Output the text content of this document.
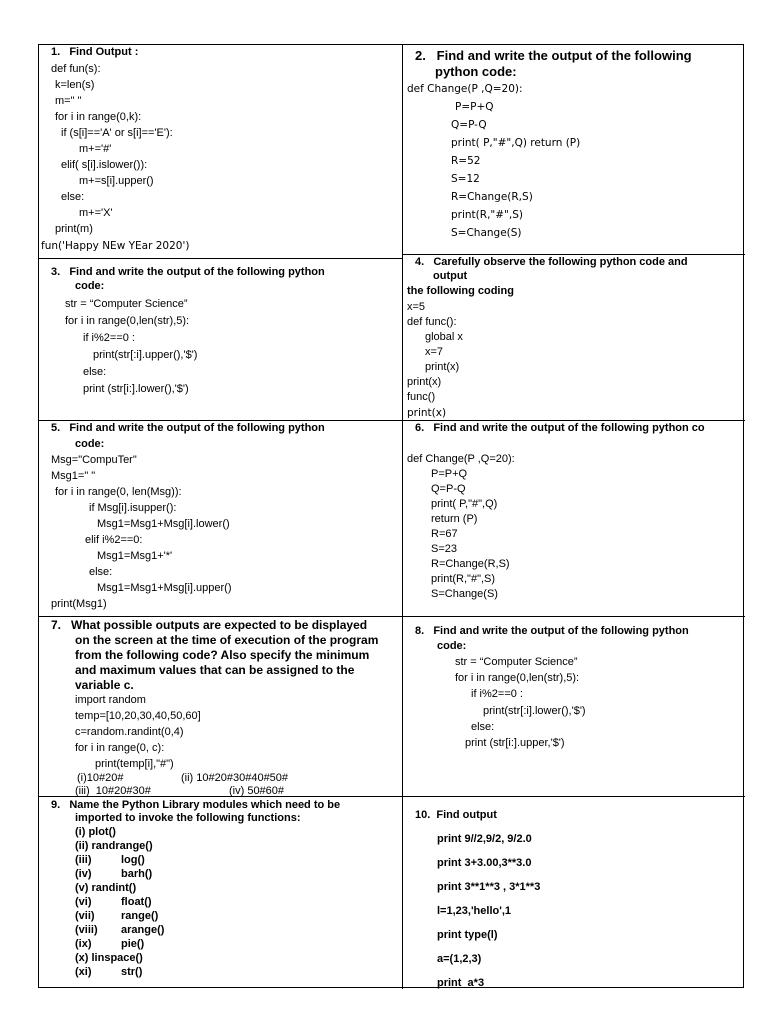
1.   Find Output :
def fun(s):
k=len(s)
m=" "
for i in range(0,k):
if (s[i]=='A' or s[i]=='E'):
m+='#'
elif( s[i].islower()):
m+=s[i].upper()
else:
m+='X'
print(m)
fun('Happy NEw YEar 2020')
2.   Find and write the output of the following
python code:
def Change(P ,Q=20):
P=P+Q
Q=P-Q
print( P,"#",Q) return (P)
R=52
S=12
R=Change(R,S)
print(R,"#",S)
S=Change(S)
3.   Find and write the output of the following python
code:
str = “Computer Science”
for i in range(0,len(str),5):
if i%2==0 :
print(str[:i].upper(),'$')
else:
print (str[i:].lower(),'$')
4.   Carefully observe the following python code and
output
the following coding
x=5
def func():
global x
x=7
print(x)
print(x)
func()
print(x)
5.   Find and write the output of the following python
code:
Msg="CompuTer"
Msg1=" "
for i in range(0, len(Msg)):
if Msg[i].isupper():
Msg1=Msg1+Msg[i].lower()
elif i%2==0:
Msg1=Msg1+'*'
else:
Msg1=Msg1+Msg[i].upper()
print(Msg1)
6.   Find and write the output of the following python co
def Change(P ,Q=20):
P=P+Q
Q=P-Q
print( P,"#",Q)
return (P)
R=67
S=23
R=Change(R,S)
print(R,"#",S)
S=Change(S)
7.   What possible outputs are expected to be displayed
on the screen at the time of execution of the program
from the following code? Also specify the minimum
and maximum values that can be assigned to the
variable c.
import random
temp=[10,20,30,40,50,60]
c=random.randint(0,4)
for i in range(0, c):
print(temp[i],"#")
(i)10#20#	(ii) 10#20#30#40#50#
(iii)  10#20#30#	(iv) 50#60#
8.   Find and write the output of the following python
code:
str = “Computer Science”
for i in range(0,len(str),5):
if i%2==0 :
print(str[:i].lower(),'$')
else:
print (str[i:].upper,'$')
9.   Name the Python Library modules which need to be
imported to invoke the following functions:
(i) plot()
(ii) randrange()
(iii)	log()
(iv)	barh()
(v) randint()
(vi)	float()
(vii) range()
(viii) arange()
(ix)	pie()
(x) linspace()
(xi)	str()
10.  Find output
print 9//2,9/2, 9/2.0
print 3+3.00,3**3.0
print 3**1**3 , 3*1**3
l=1,23,'hello',1
print type(l)
a=(1,2,3)
print  a*3
